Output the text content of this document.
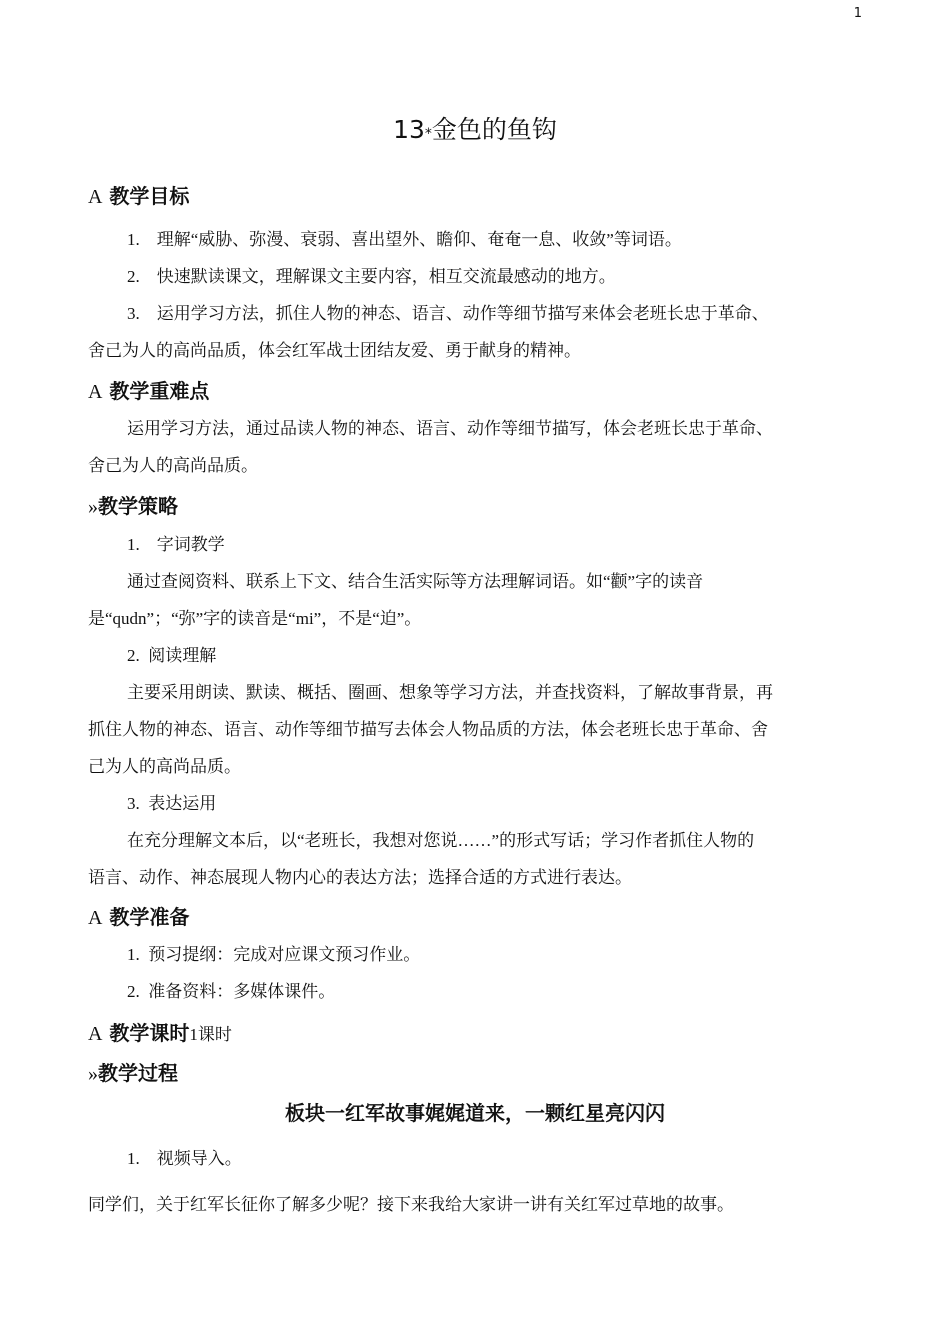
1
13*金色的鱼钩
A 教学目标
1.　理解“威胁、弥漫、衰弱、喜出望外、瞻仰、奄奄一息、收敛”等词语。
2.　快速默读课文，理解课文主要内容，相互交流最感动的地方。
3.　运用学习方法，抓住人物的神态、语言、动作等细节描写来体会老班长忠于革命、
舍己为人的高尚品质，体会红军战士团结友爱、勇于献身的精神。
A 教学重难点
运用学习方法，通过品读人物的神态、语言、动作等细节描写，体会老班长忠于革命、
舍己为人的高尚品质。
»教学策略
1.　字词教学
通过查阅资料、联系上下文、结合生活实际等方法理解词语。如“颧”字的读音
是“qudn”；“弥”字的读音是“mi”，不是“迫”。
2.  阅读理解
主要采用朗读、默读、概括、圈画、想象等学习方法，并查找资料，了解故事背景，再
抓住人物的神态、语言、动作等细节描写去体会人物品质的方法，体会老班长忠于革命、舍
己为人的高尚品质。
3.  表达运用
在充分理解文本后，以“老班长，我想对您说……”的形式写话；学习作者抓住人物的
语言、动作、神态展现人物内心的表达方法；选择合适的方式进行表达。
A 教学准备
1.  预习提纲：完成对应课文预习作业。
2.  准备资料：多媒体课件。
A 教学课时1课时
»教学过程
板块一红军故事娓娓道来，一颗红星亮闪闪
1.　视频导入。
同学们，关于红军长征你了解多少呢？接下来我给大家讲一讲有关红军过草地的故事。
